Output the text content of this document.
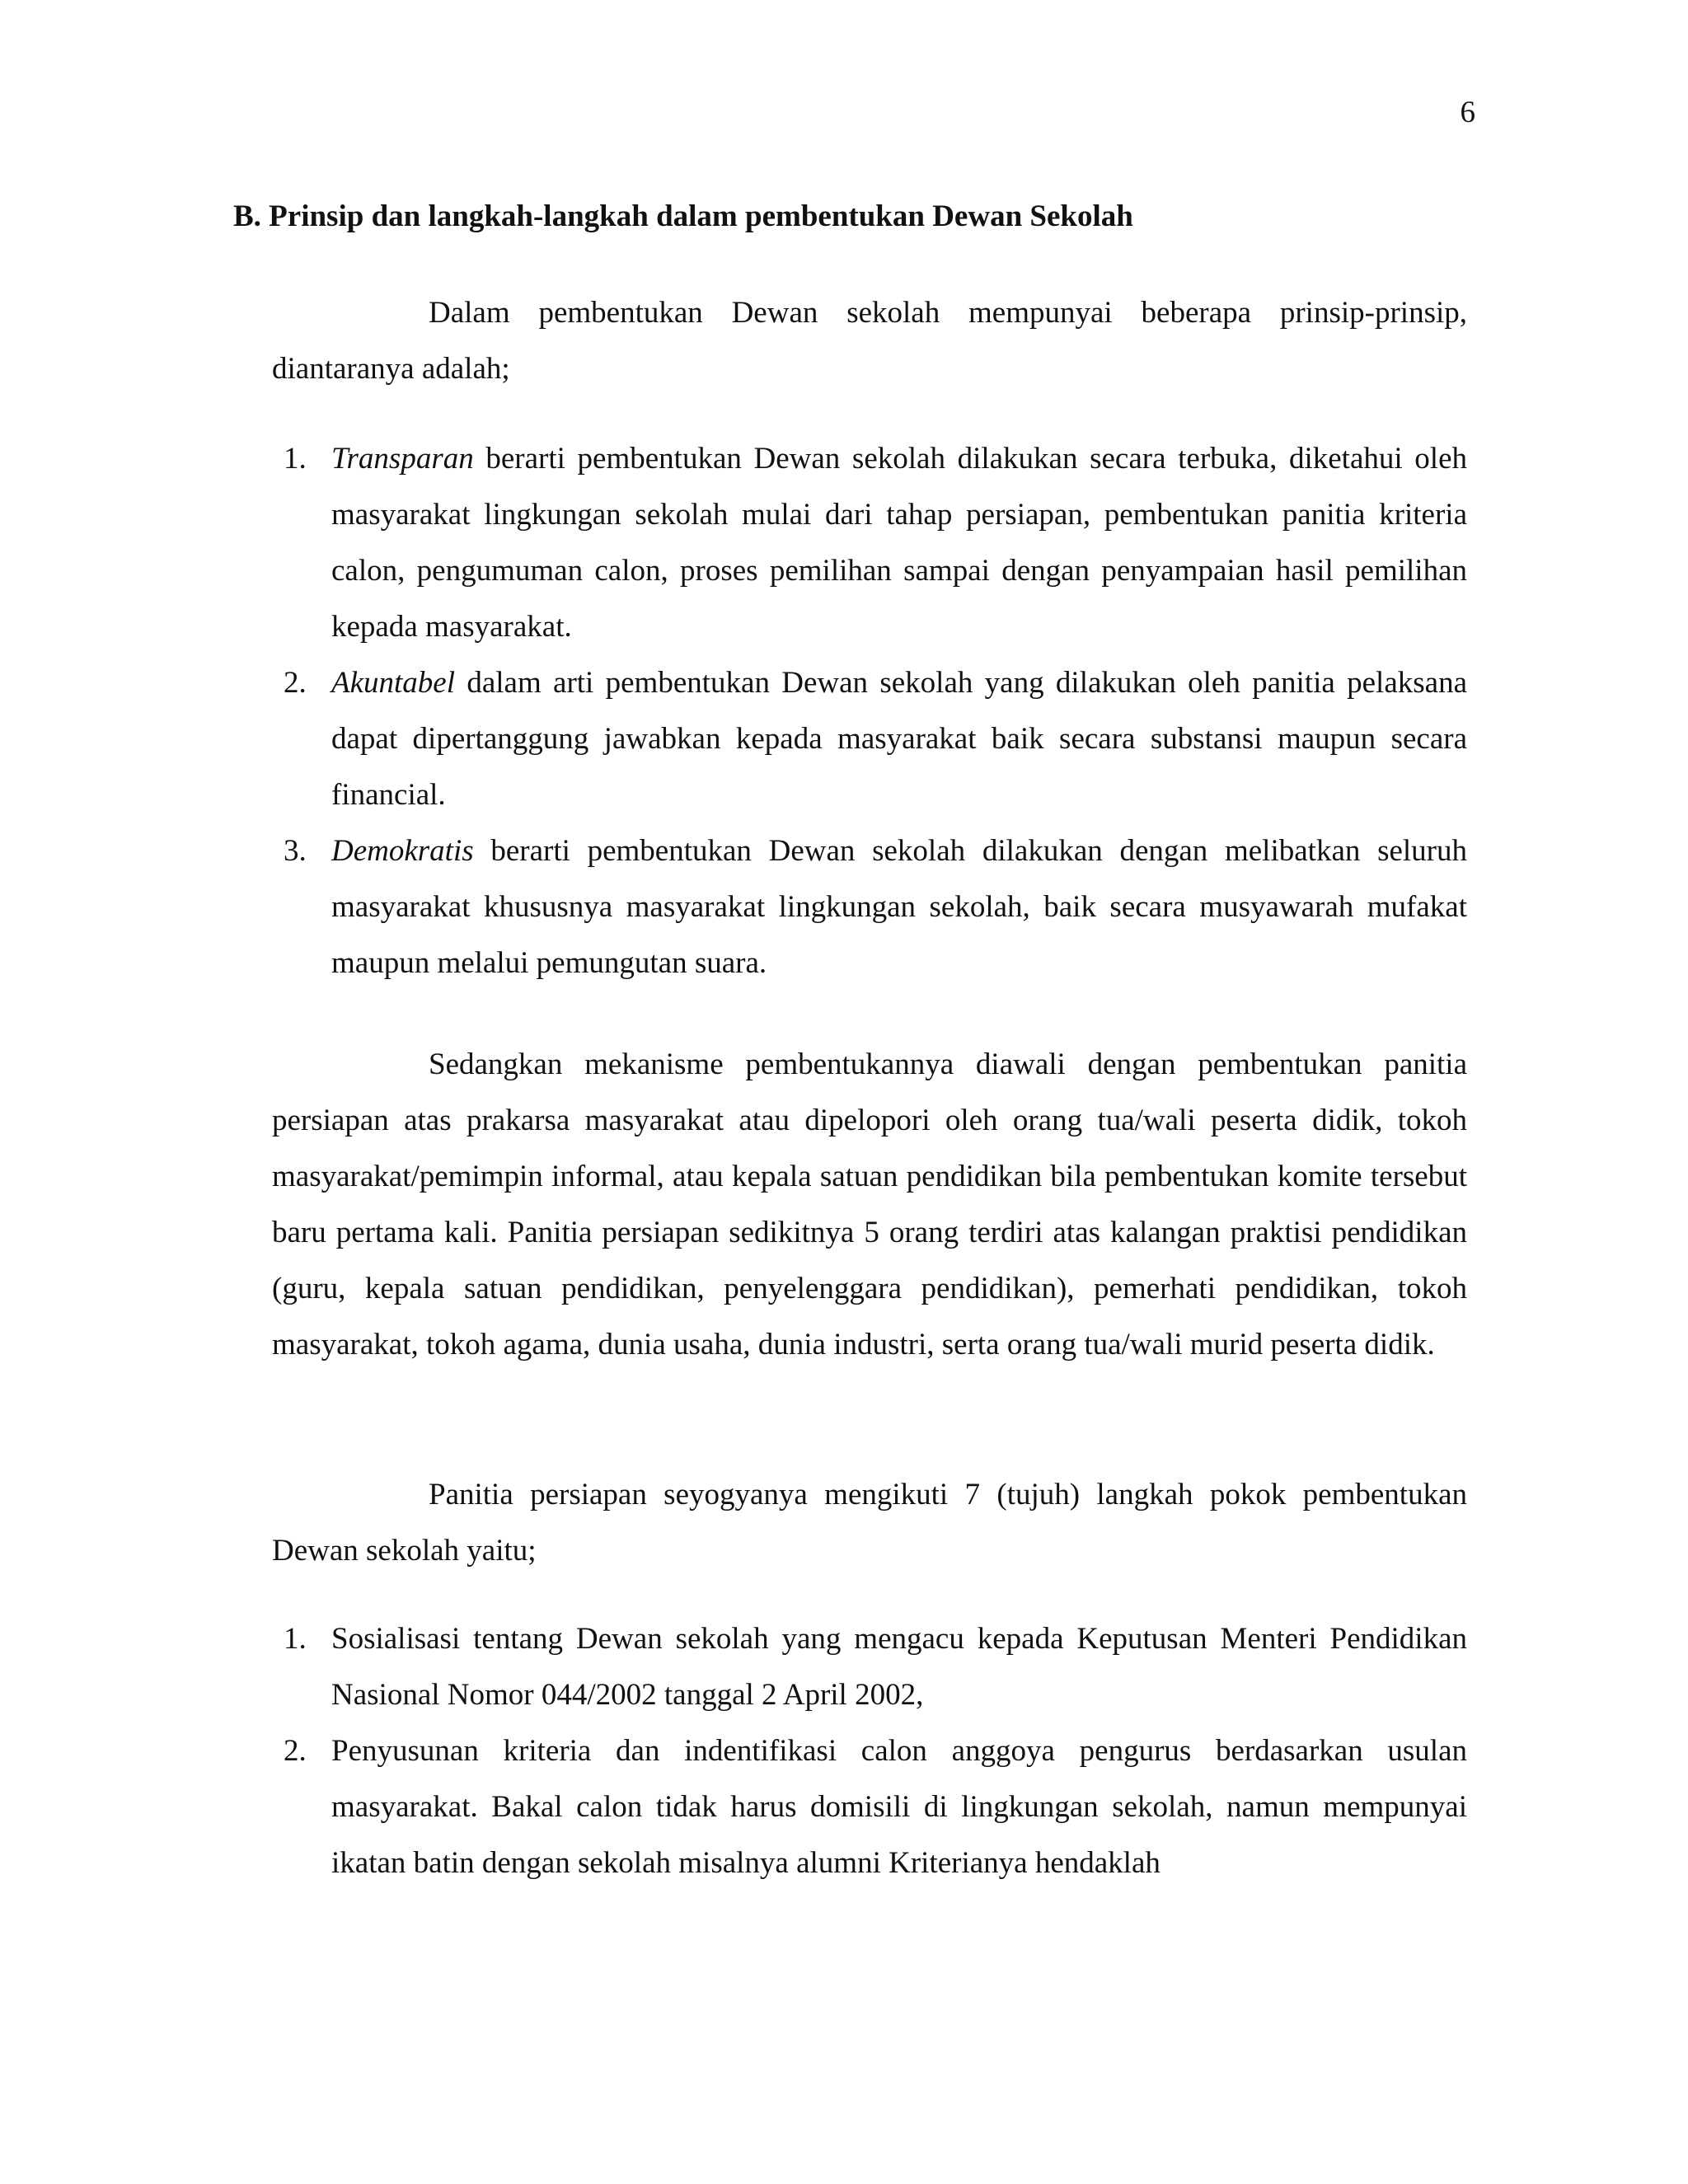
6
B. Prinsip dan langkah-langkah dalam pembentukan Dewan Sekolah

Dalam pembentukan Dewan sekolah mempunyai beberapa prinsip-prinsip, diantaranya adalah;

1. Transparan berarti pembentukan Dewan sekolah dilakukan secara terbuka, diketahui oleh masyarakat lingkungan sekolah mulai dari tahap persiapan, pembentukan panitia kriteria calon, pengumuman calon, proses pemilihan sampai dengan penyampaian hasil pemilihan kepada masyarakat.
2. Akuntabel dalam arti pembentukan Dewan sekolah yang dilakukan oleh panitia pelaksana dapat dipertanggung jawabkan kepada masyarakat baik secara substansi maupun secara financial.
3. Demokratis berarti pembentukan Dewan sekolah dilakukan dengan melibatkan seluruh masyarakat khususnya masyarakat lingkungan sekolah, baik secara musyawarah mufakat maupun melalui pemungutan suara.

Sedangkan mekanisme pembentukannya diawali dengan pembentukan panitia persiapan atas prakarsa masyarakat atau dipelopori oleh orang tua/wali peserta didik, tokoh masyarakat/pemimpin informal, atau kepala satuan pendidikan bila pembentukan komite tersebut baru pertama kali. Panitia persiapan sedikitnya 5 orang terdiri atas kalangan praktisi pendidikan (guru, kepala satuan pendidikan, penyelenggara pendidikan), pemerhati pendidikan, tokoh masyarakat, tokoh agama, dunia usaha, dunia industri, serta orang tua/wali murid peserta didik.

Panitia persiapan seyogyanya mengikuti 7 (tujuh) langkah pokok pembentukan Dewan sekolah yaitu;

1. Sosialisasi tentang Dewan sekolah yang mengacu kepada Keputusan Menteri Pendidikan Nasional Nomor 044/2002 tanggal 2 April 2002,
2. Penyusunan kriteria dan indentifikasi calon anggoya pengurus berdasarkan usulan masyarakat. Bakal calon tidak harus domisili di lingkungan sekolah, namun mempunyai ikatan batin dengan sekolah misalnya alumni Kriterianya hendaklah
